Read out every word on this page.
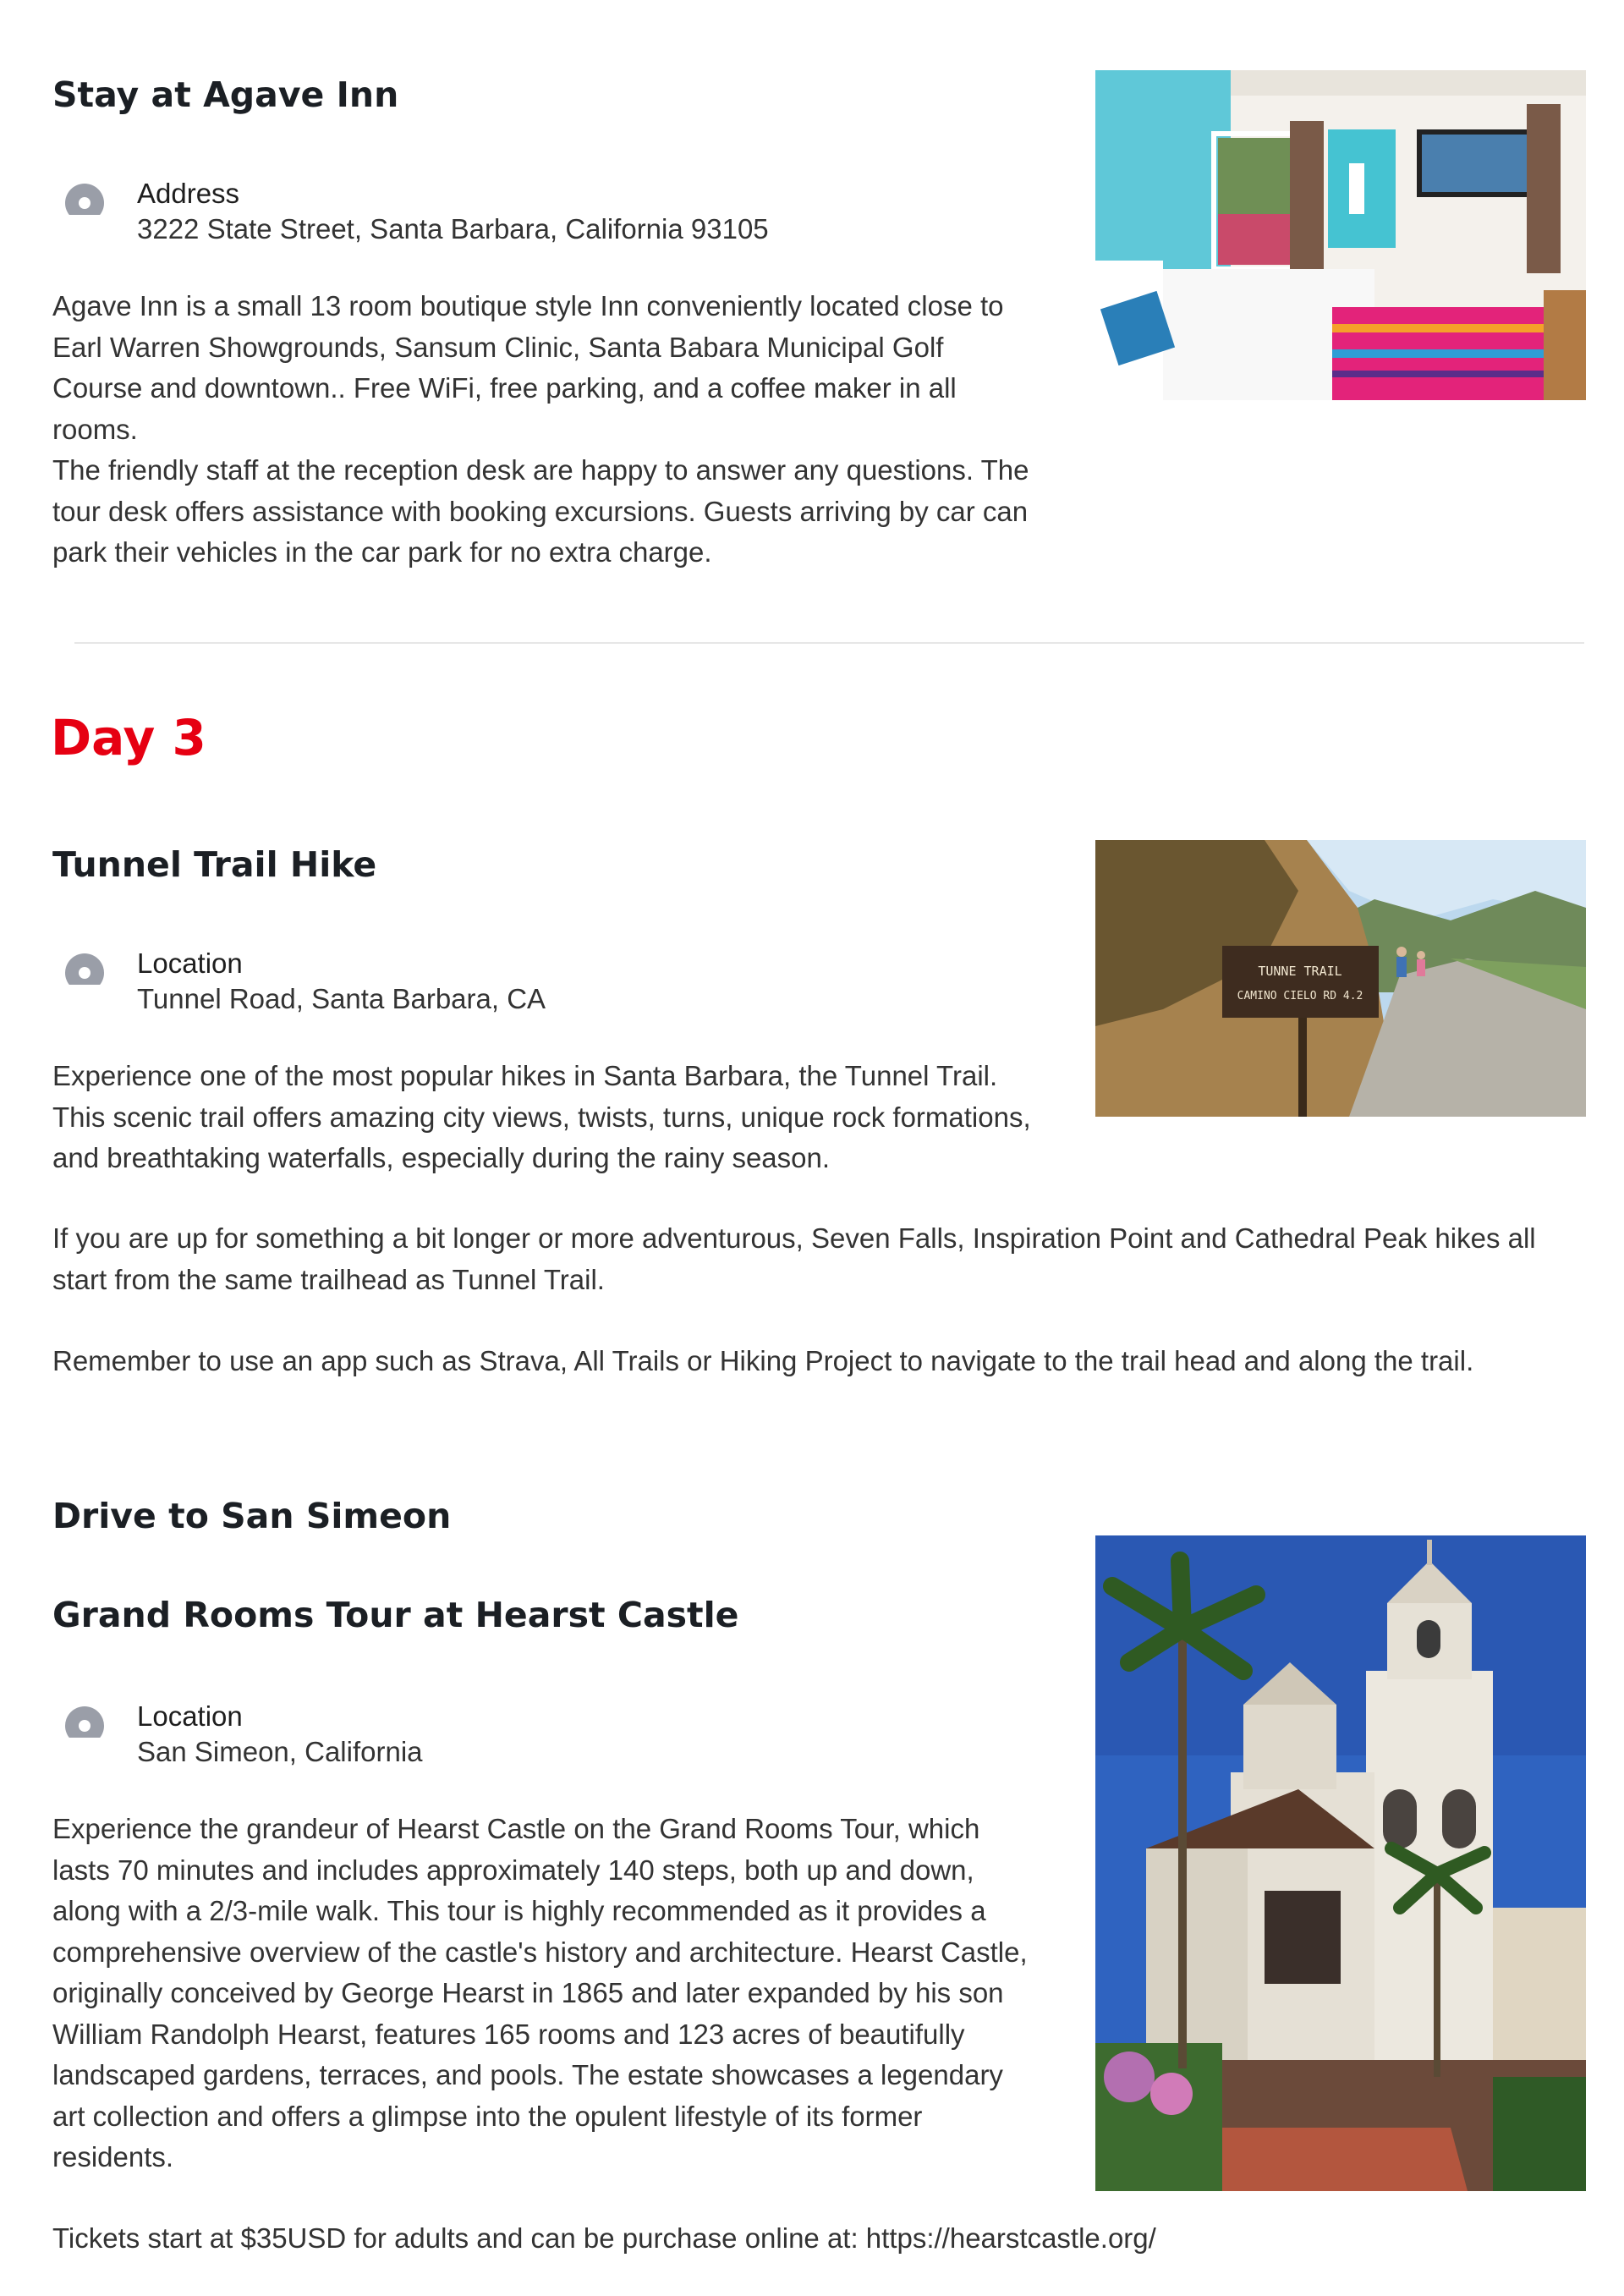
Stay at Agave Inn
Address
3222 State Street, Santa Barbara, California 93105
Agave Inn is a small 13 room boutique style Inn conveniently located close to Earl Warren Showgrounds, Sansum Clinic, Santa Babara Municipal Golf Course and downtown.. Free WiFi, free parking, and a coffee maker in all rooms.
The friendly staff at the reception desk are happy to answer any questions. The tour desk offers assistance with booking excursions. Guests arriving by car can park their vehicles in the car park for no extra charge.
Day 3
Tunnel Trail Hike
Location
Tunnel Road, Santa Barbara, CA
Experience one of the most popular hikes in Santa Barbara, the Tunnel Trail. This scenic trail offers amazing city views, twists, turns, unique rock formations, and breathtaking waterfalls, especially during the rainy season.
If you are up for something a bit longer or more adventurous, Seven Falls, Inspiration Point and Cathedral Peak hikes all start from the same trailhead as Tunnel Trail.
Remember to use an app such as Strava, All Trails or Hiking Project to navigate to the trail head and along the trail.
TUNNE TRAIL
CAMINO CIELO RD 4.2
Drive to San Simeon
Grand Rooms Tour at Hearst Castle
Location
San Simeon, California
Experience the grandeur of Hearst Castle on the Grand Rooms Tour, which lasts 70 minutes and includes approximately 140 steps, both up and down, along with a 2/3-mile walk. This tour is highly recommended as it provides a comprehensive overview of the castle's history and architecture. Hearst Castle, originally conceived by George Hearst in 1865 and later expanded by his son William Randolph Hearst, features 165 rooms and 123 acres of beautifully landscaped gardens, terraces, and pools. The estate showcases a legendary art collection and offers a glimpse into the opulent lifestyle of its former residents.
Tickets start at $35USD for adults and can be purchase online at: https://hearstcastle.org/
